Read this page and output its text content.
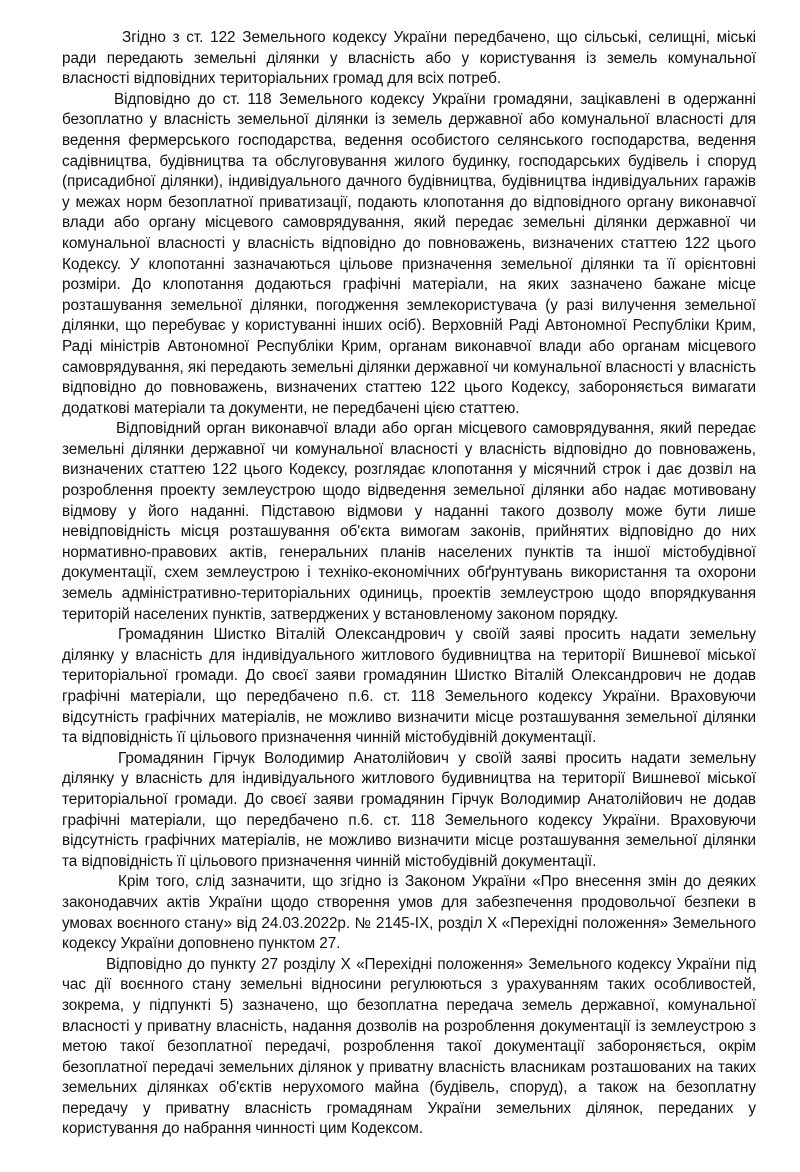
Згідно з ст. 122 Земельного кодексу України передбачено, що сільські, селищні, міські ради передають земельні ділянки у власність або у користування із земель комунальної власності відповідних територіальних громад для всіх потреб.

Відповідно до ст. 118 Земельного кодексу України громадяни, зацікавлені в одержанні безоплатно у власність земельної ділянки із земель державної або комунальної власності для ведення фермерського господарства, ведення особистого селянського господарства, ведення садівництва, будівництва та обслуговування жилого будинку, господарських будівель і споруд (присадибної ділянки), індивідуального дачного будівництва, будівництва індивідуальних гаражів у межах норм безоплатної приватизації, подають клопотання до відповідного органу виконавчої влади або органу місцевого самоврядування, який передає земельні ділянки державної чи комунальної власності у власність відповідно до повноважень, визначених статтею 122 цього Кодексу. У клопотанні зазначаються цільове призначення земельної ділянки та її орієнтовні розміри. До клопотання додаються графічні матеріали, на яких зазначено бажане місце розташування земельної ділянки, погодження землекористувача (у разі вилучення земельної ділянки, що перебуває у користуванні інших осіб). Верховній Раді Автономної Республіки Крим, Раді міністрів Автономної Республіки Крим, органам виконавчої влади або органам місцевого самоврядування, які передають земельні ділянки державної чи комунальної власності у власність відповідно до повноважень, визначених статтею 122 цього Кодексу, забороняється вимагати додаткові матеріали та документи, не передбачені цією статтею.

Відповідний орган виконавчої влади або орган місцевого самоврядування, який передає земельні ділянки державної чи комунальної власності у власність відповідно до повноважень, визначених статтею 122 цього Кодексу, розглядає клопотання у місячний строк і дає дозвіл на розроблення проекту землеустрою щодо відведення земельної ділянки або надає мотивовану відмову у його наданні. Підставою відмови у наданні такого дозволу може бути лише невідповідність місця розташування об'єкта вимогам законів, прийнятих відповідно до них нормативно-правових актів, генеральних планів населених пунктів та іншої містобудівної документації, схем землеустрою і техніко-економічних обґрунтувань використання та охорони земель адміністративно-територіальних одиниць, проектів землеустрою щодо впорядкування територій населених пунктів, затверджених у встановленому законом порядку.

Громадянин Шистко Віталій Олександрович у своїй заяві просить надати земельну ділянку у власність для індивідуального житлового будивництва на території Вишневої міської територіальної громади. До своєї заяви громадянин Шистко Віталій Олександрович не додав графічні матеріали, що передбачено п.6. ст. 118 Земельного кодексу України. Враховуючи відсутність графічних матеріалів, не можливо визначити місце розташування земельної ділянки та відповідність її цільового призначення чинній містобудівній документації.

Громадянин Гірчук Володимир Анатолійович у своїй заяві просить надати земельну ділянку у власність для індивідуального житлового будивництва на території Вишневої міської територіальної громади. До своєї заяви громадянин Гірчук Володимир Анатолійович не додав графічні матеріали, що передбачено п.6. ст. 118 Земельного кодексу України. Враховуючи відсутність графічних матеріалів, не можливо визначити місце розташування земельної ділянки та відповідність її цільового призначення чинній містобудівній документації.

Крім того, слід зазначити, що згідно із Законом України «Про внесення змін до деяких законодавчих актів України щодо створення умов для забезпечення продовольчої безпеки в умовах воєнного стану» від 24.03.2022р. № 2145-IX, розділ X «Перехідні положення» Земельного кодексу України доповнено пунктом 27.

Відповідно до пункту 27 розділу X «Перехідні положення» Земельного кодексу України під час дії воєнного стану земельні відносини регулюються з урахуванням таких особливостей, зокрема, у підпункті 5) зазначено, що безоплатна передача земель державної, комунальної власності у приватну власність, надання дозволів на розроблення документації із землеустрою з метою такої безоплатної передачі, розроблення такої документації забороняється, окрім безоплатної передачі земельних ділянок у приватну власність власникам розташованих на таких земельних ділянках об'єктів нерухомого майна (будівель, споруд), а також на безоплатну передачу у приватну власність громадянам України земельних ділянок, переданих у користування до набрання чинності цим Кодексом.
